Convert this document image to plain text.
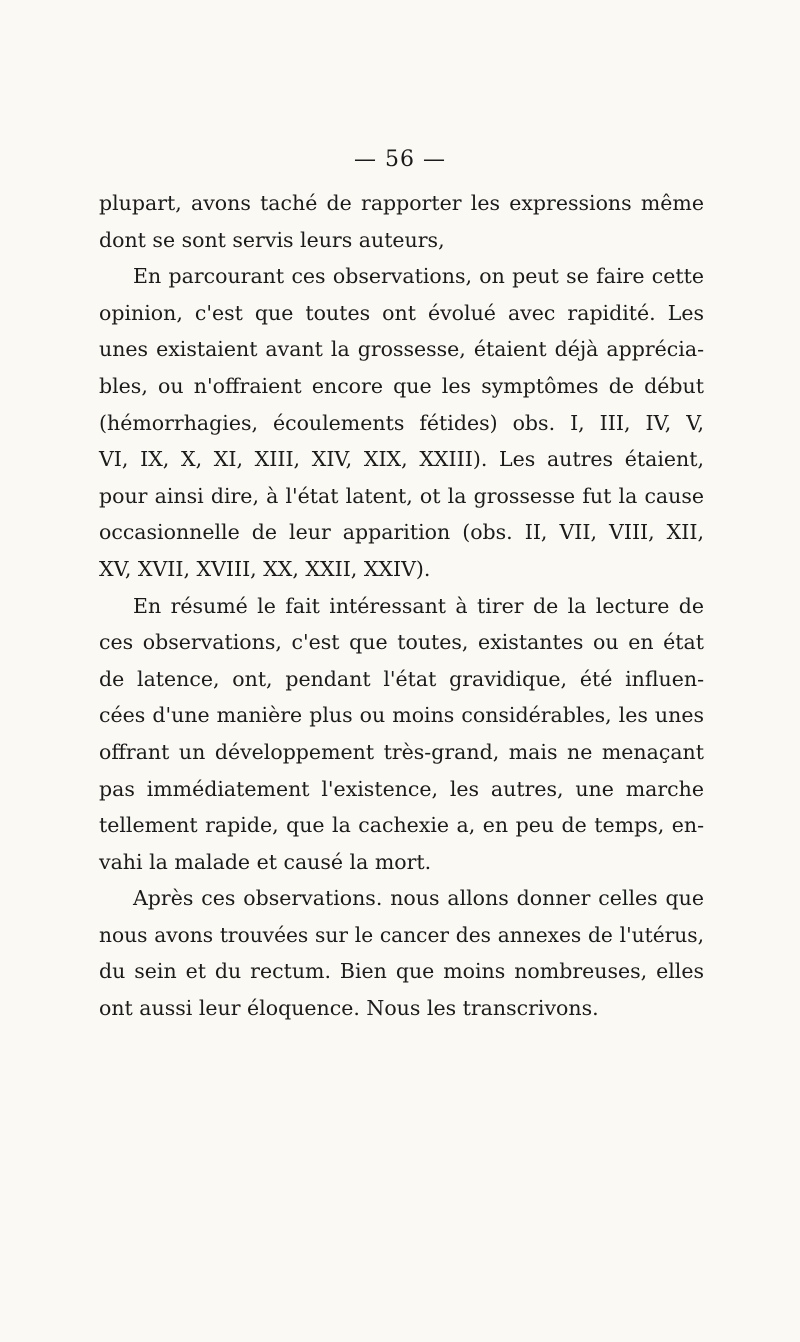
— 56 —
plupart, avons taché de rapporter les expressions même
dont se sont servis leurs auteurs,
En parcourant ces observations, on peut se faire cette
opinion, c'est que toutes ont évolué avec rapidité. Les
unes existaient avant la grossesse, étaient déjà apprécia-
bles, ou n'offraient encore que les symptômes de début
(hémorrhagies, écoulements fétides) obs. I, III, IV, V,
VI, IX, X, XI, XIII, XIV, XIX, XXIII). Les autres étaient,
pour ainsi dire, à l'état latent, ot la grossesse fut la cause
occasionnelle de leur apparition (obs. II, VII, VIII, XII,
XV, XVII, XVIII, XX, XXII, XXIV).
En résumé le fait intéressant à tirer de la lecture de
ces observations, c'est que toutes, existantes ou en état
de latence, ont, pendant l'état gravidique, été influen-
cées d'une manière plus ou moins considérables, les unes
offrant un développement très-grand, mais ne menaçant
pas immédiatement l'existence, les autres, une marche
tellement rapide, que la cachexie a, en peu de temps, en-
vahi la malade et causé la mort.
Après ces observations. nous allons donner celles que
nous avons trouvées sur le cancer des annexes de l'utérus,
du sein et du rectum. Bien que moins nombreuses, elles
ont aussi leur éloquence. Nous les transcrivons.
